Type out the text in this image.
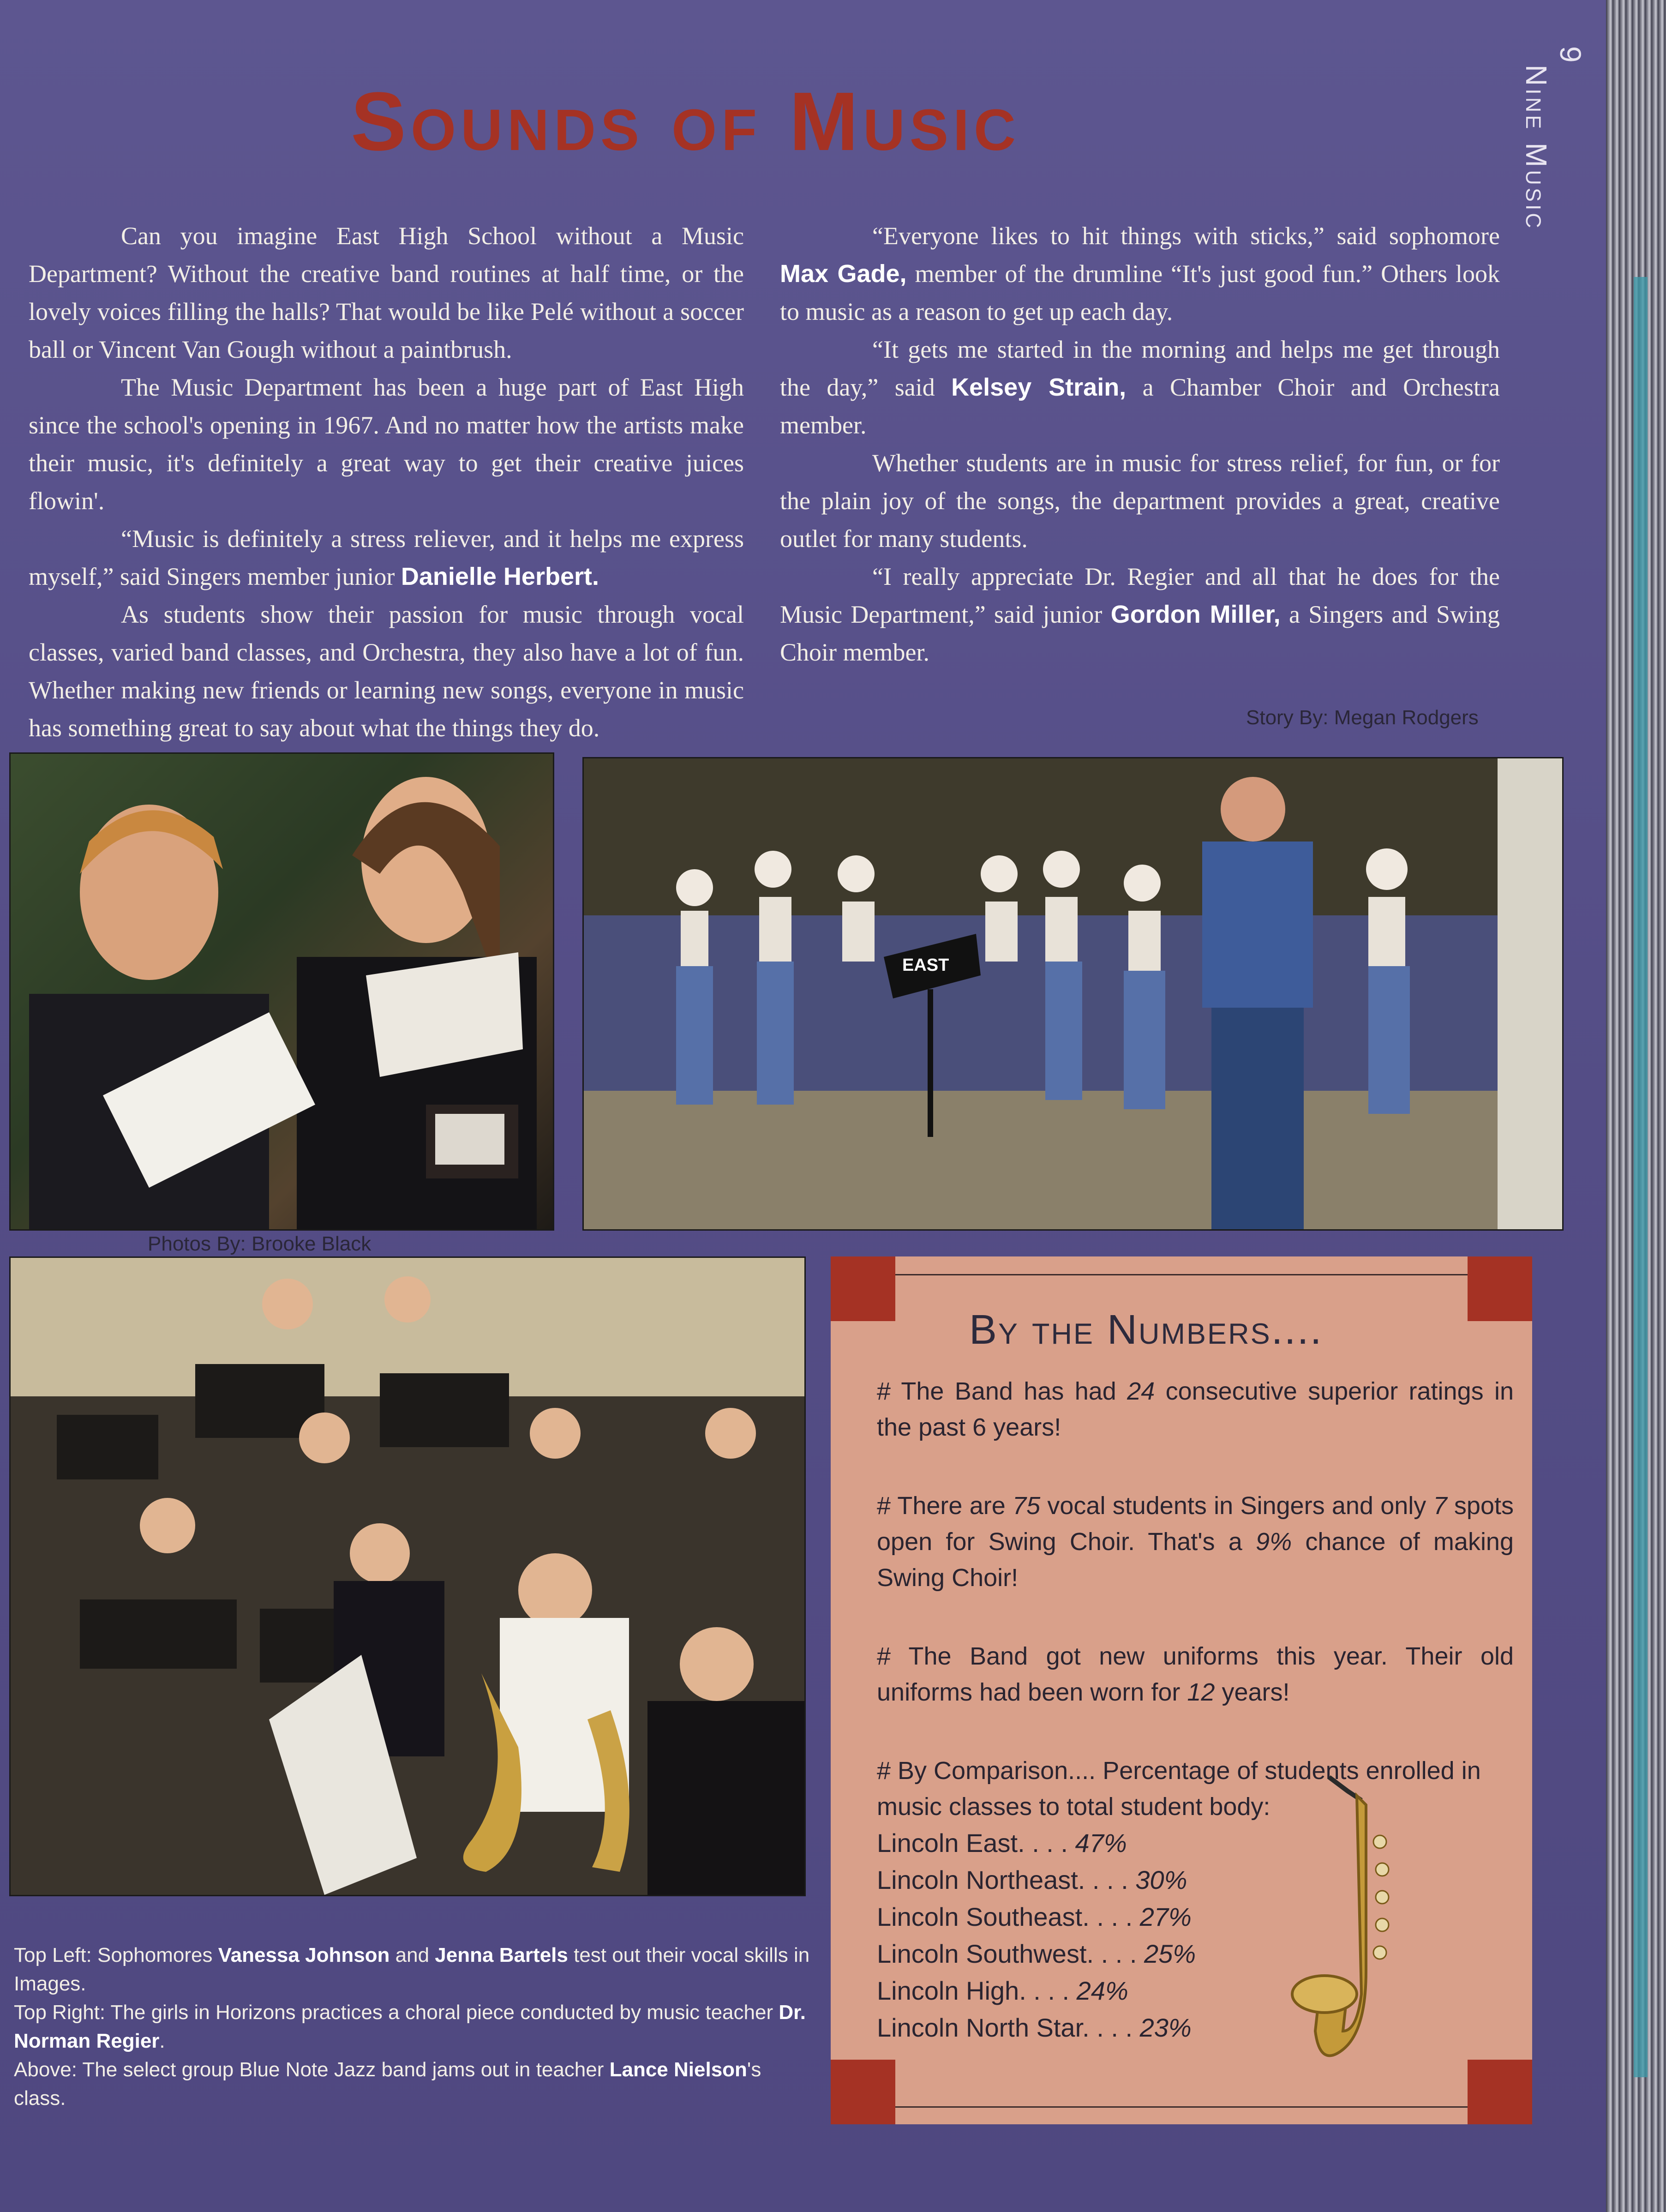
Sounds of Music
9
Nine Music

Can you imagine East High School without a Music Department? Without the creative band routines at half time, or the lovely voices filling the halls? That would be like Pelé without a soccer ball or Vincent Van Gough without a paintbrush.

The Music Department has been a huge part of East High since the school's opening in 1967. And no matter how the artists make their music, it's definitely a great way to get their creative juices flowin'.

“Music is definitely a stress reliever, and it helps me express myself,” said Singers member junior Danielle Herbert.

As students show their passion for music through vocal classes, varied band classes, and Orchestra, they also have a lot of fun. Whether making new friends or learning new songs, everyone in music has something great to say about what the things they do.

“Everyone likes to hit things with sticks,” said sophomore Max Gade, member of the drumline “It's just good fun.” Others look to music as a reason to get up each day.

“It gets me started in the morning and helps me get through the day,” said Kelsey Strain, a Chamber Choir and Orchestra member.

Whether students are in music for stress relief, for fun, or for the plain joy of the songs, the department provides a great, creative outlet for many students.

“I really appreciate Dr. Regier and all that he does for the Music Department,” said junior Gordon Miller, a Singers and Swing Choir member.

Story By: Megan Rodgers
EAST
Photos By: Brooke Black

Top Left: Sophomores Vanessa Johnson and Jenna Bartels test out their vocal skills in Images.

Top Right: The girls in Horizons practices a choral piece conducted by music teacher Dr. Norman Regier.

Above: The select group Blue Note Jazz band jams out in teacher Lance Nielson's class.

By the Numbers....

# The Band has had 24 consecutive superior ratings in the past 6 years!

# There are 75 vocal students in Singers and only 7 spots open for Swing Choir. That's a 9% chance of making Swing Choir!

# The Band got new uniforms this year. Their old uniforms had been worn for 12 years!

# By Comparison.... Percentage of students enrolled in music classes to total student body:
Lincoln East. . . . 47%
Lincoln Northeast. . . . 30%
Lincoln Southeast. . . . 27%
Lincoln Southwest. . . . 25%
Lincoln High. . . . 24%
Lincoln North Star. . . . 23%
